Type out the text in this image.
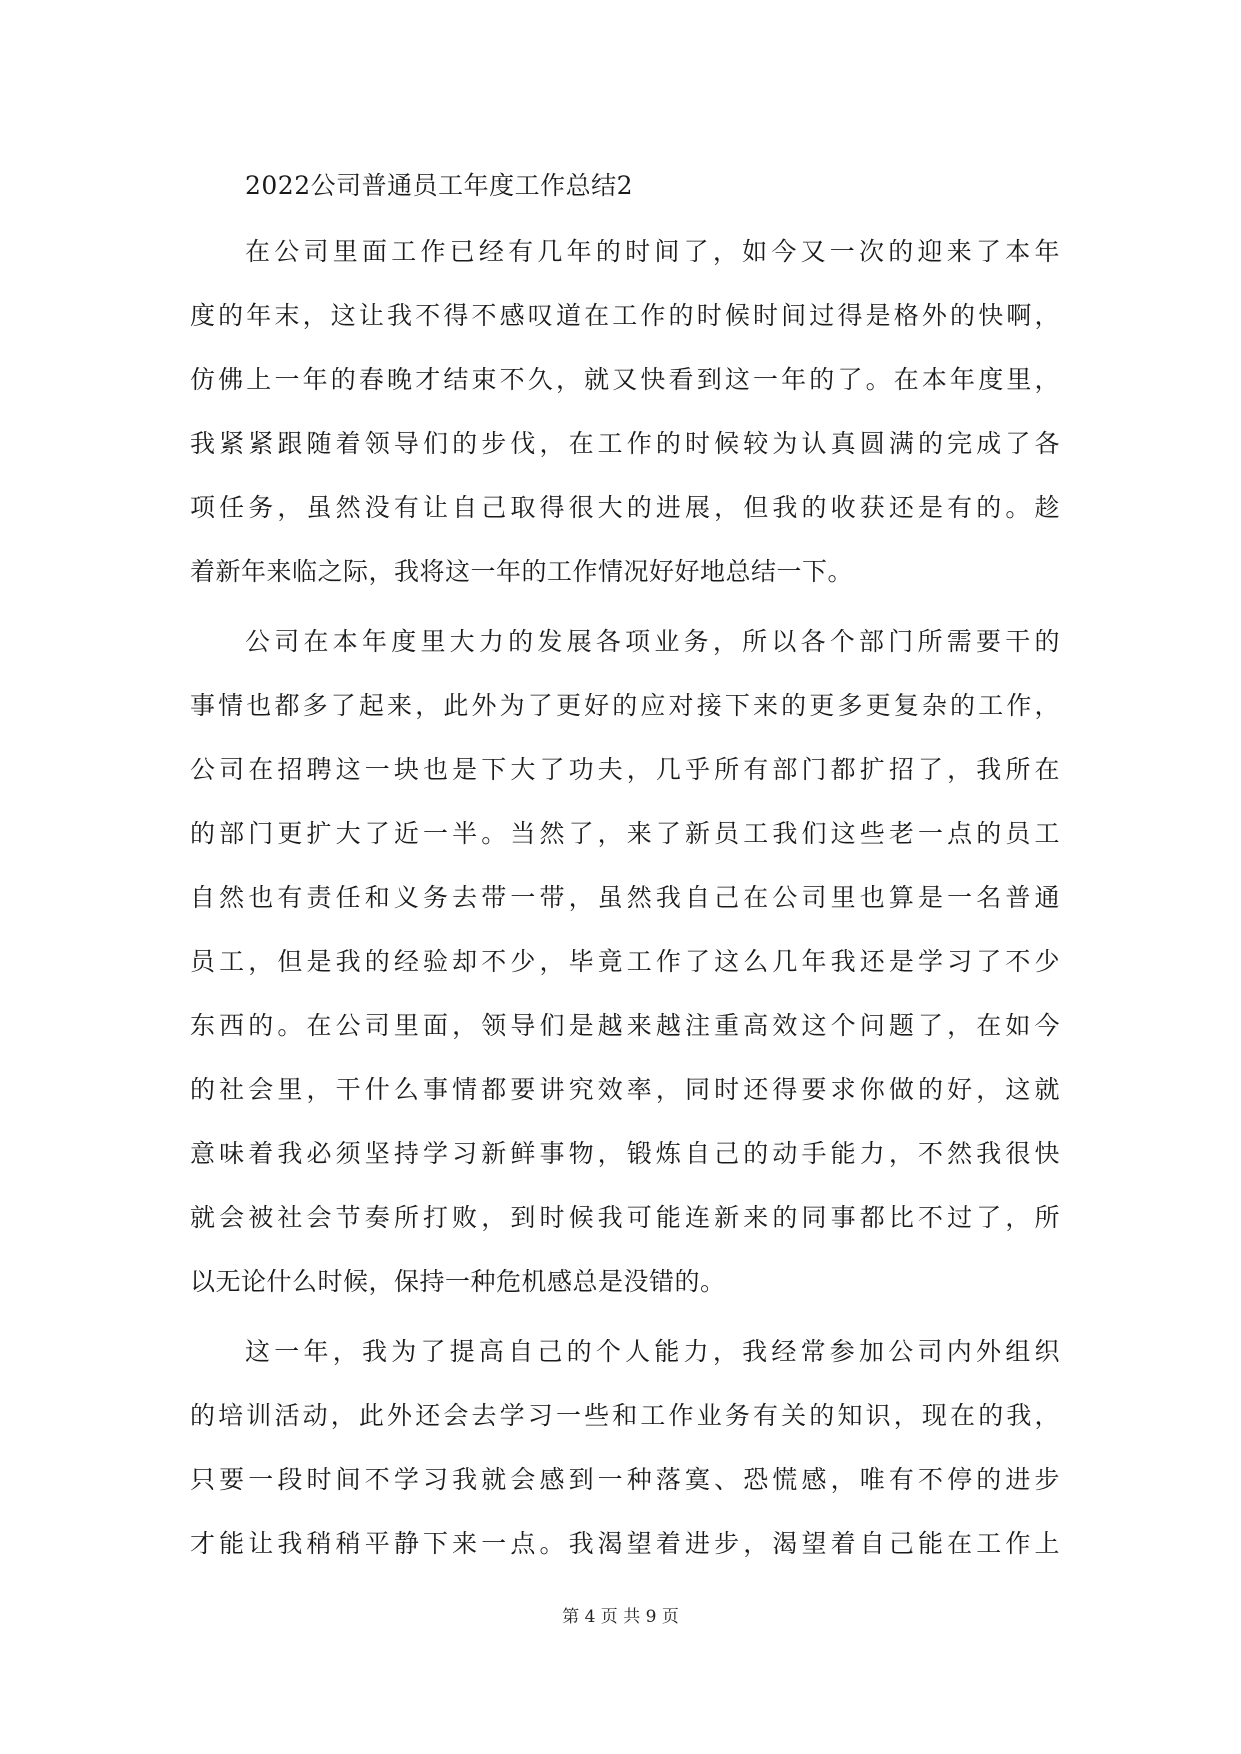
2022公司普通员工年度工作总结2
在公司里面工作已经有几年的时间了，如今又一次的迎来了本年
度的年末，这让我不得不感叹道在工作的时候时间过得是格外的快啊，
仿佛上一年的春晚才结束不久，就又快看到这一年的了。在本年度里，
我紧紧跟随着领导们的步伐，在工作的时候较为认真圆满的完成了各
项任务，虽然没有让自己取得很大的进展，但我的收获还是有的。趁
着新年来临之际，我将这一年的工作情况好好地总结一下。
公司在本年度里大力的发展各项业务，所以各个部门所需要干的
事情也都多了起来，此外为了更好的应对接下来的更多更复杂的工作，
公司在招聘这一块也是下大了功夫，几乎所有部门都扩招了，我所在
的部门更扩大了近一半。当然了，来了新员工我们这些老一点的员工
自然也有责任和义务去带一带，虽然我自己在公司里也算是一名普通
员工，但是我的经验却不少，毕竟工作了这么几年我还是学习了不少
东西的。在公司里面，领导们是越来越注重高效这个问题了，在如今
的社会里，干什么事情都要讲究效率，同时还得要求你做的好，这就
意味着我必须坚持学习新鲜事物，锻炼自己的动手能力，不然我很快
就会被社会节奏所打败，到时候我可能连新来的同事都比不过了，所
以无论什么时候，保持一种危机感总是没错的。
这一年，我为了提高自己的个人能力，我经常参加公司内外组织
的培训活动，此外还会去学习一些和工作业务有关的知识，现在的我，
只要一段时间不学习我就会感到一种落寞、恐慌感，唯有不停的进步
才能让我稍稍平静下来一点。我渴望着进步，渴望着自己能在工作上
第 4 页 共 9 页
